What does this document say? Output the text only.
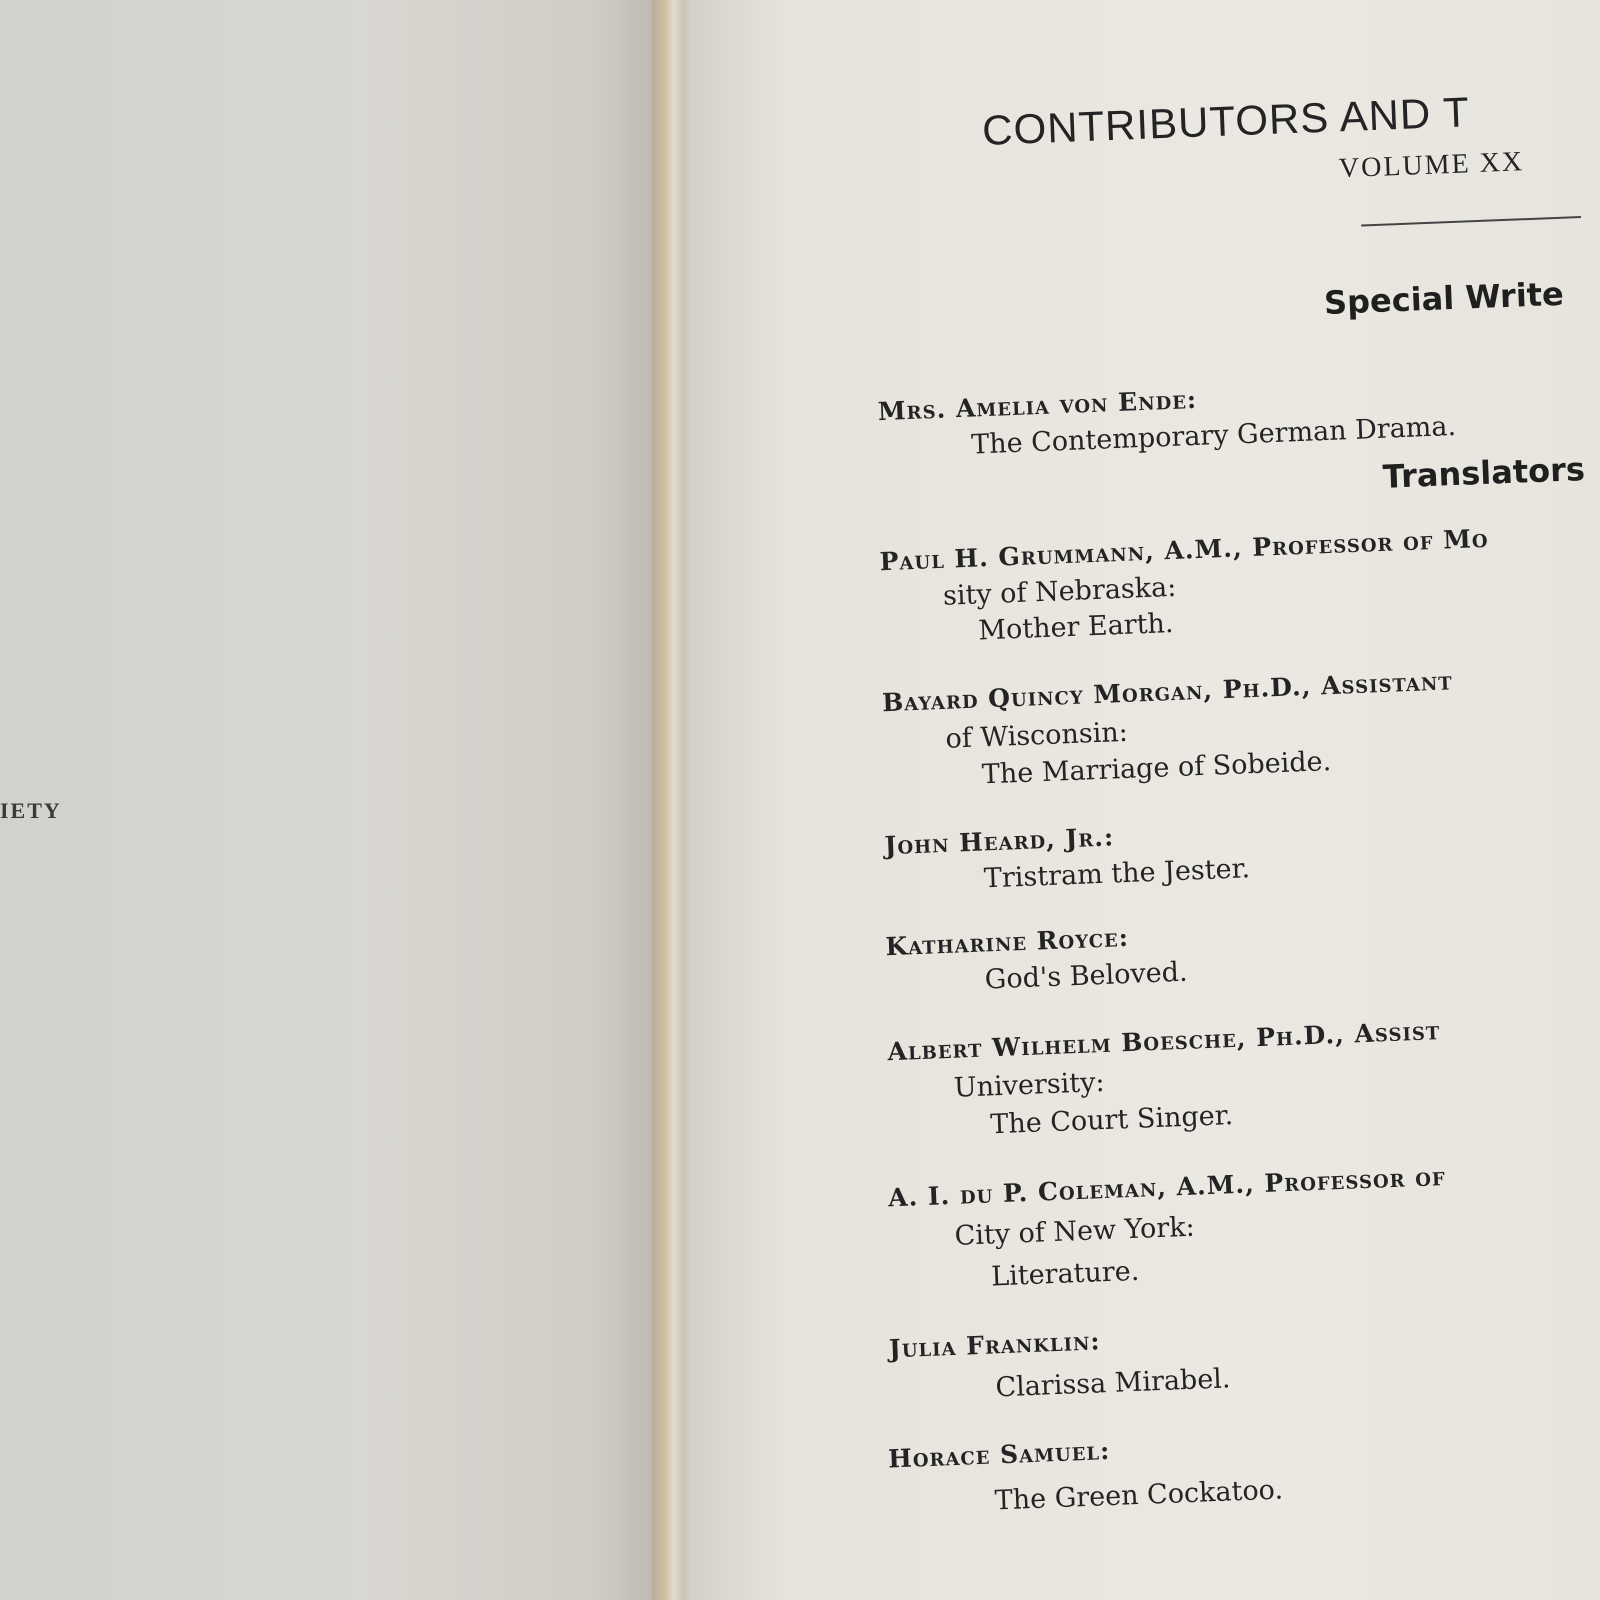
IETY
CONTRIBUTORS AND T
VOLUME XX
Special Write
Mrs. Amelia von Ende:
The Contemporary German Drama.
Translators
Paul H. Grummann, A.M., Professor of Mo
sity of Nebraska:
Mother Earth.
Bayard Quincy Morgan, Ph.D., Assistant
of Wisconsin:
The Marriage of Sobeide.
John Heard, Jr.:
Tristram the Jester.
Katharine Royce:
God's Beloved.
Albert Wilhelm Boesche, Ph.D., Assist
University:
The Court Singer.
A. I. du P. Coleman, A.M., Professor of
City of New York:
Literature.
Julia Franklin:
Clarissa Mirabel.
Horace Samuel:
The Green Cockatoo.
